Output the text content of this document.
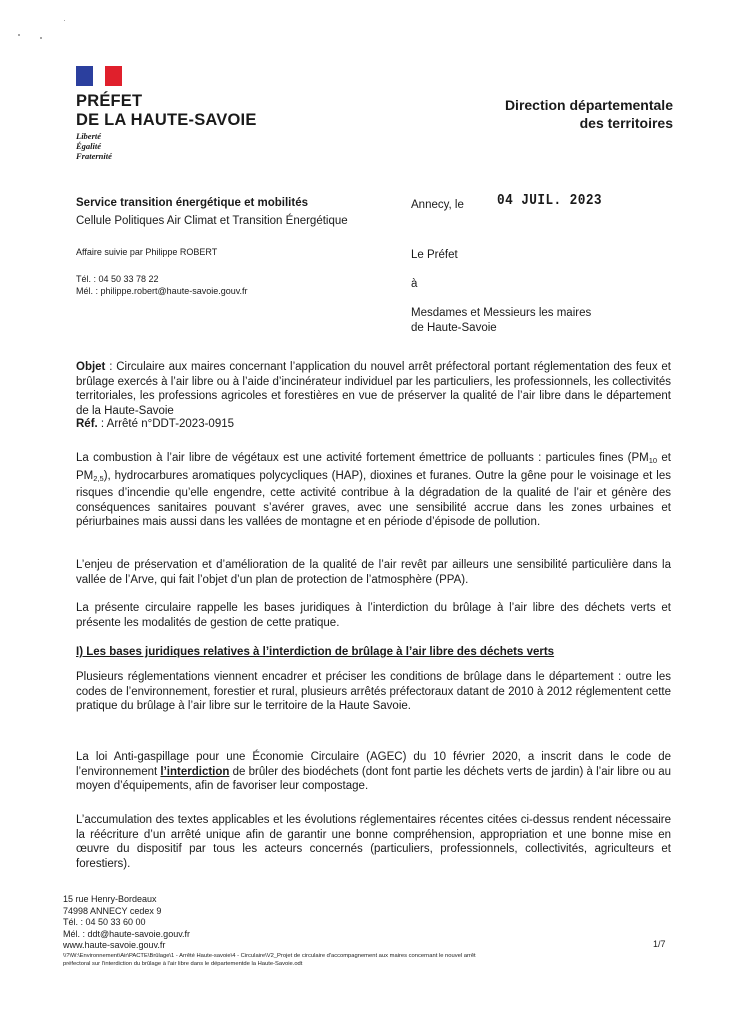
PRÉFET
DE LA HAUTE-SAVOIE
Liberté
Égalité
Fraternité
Direction départementale
des territoires
Service transition énergétique et mobilités
Cellule Politiques Air Climat et Transition Énergétique
Affaire suivie par Philippe ROBERT
Tél. : 04 50 33 78 22
Mél. : philippe.robert@haute-savoie.gouv.fr
Annecy, le 04 JUIL. 2023
Le Préfet
à
Mesdames et Messieurs les maires
de Haute-Savoie
Objet : Circulaire aux maires concernant l’application du nouvel arrêt préfectoral portant réglementation des feux et brûlage exercés à l’air libre ou à l’aide d’incinérateur individuel par les particuliers, les professionnels, les collectivités territoriales, les professions agricoles et forestières en vue de préserver la qualité de l’air libre dans le département de la Haute-Savoie
Réf. : Arrêté n°DDT-2023-0915
La combustion à l’air libre de végétaux est une activité fortement émettrice de polluants : particules fines ($PM_{10}$ et $PM_{2,5}$), hydrocarbures aromatiques polycycliques (HAP), dioxines et furanes. Outre la gêne pour le voisinage et les risques d’incendie qu’elle engendre, cette activité contribue à la dégradation de la qualité de l’air et génère des conséquences sanitaires pouvant s’avérer graves, avec une sensibilité accrue dans les zones urbaines et périurbaines mais aussi dans les vallées de montagne et en période d’épisode de pollution.
L’enjeu de préservation et d’amélioration de la qualité de l’air revêt par ailleurs une sensibilité particulière dans la vallée de l’Arve, qui fait l’objet d’un plan de protection de l’atmosphère (PPA).
La présente circulaire rappelle les bases juridiques à l’interdiction du brûlage à l’air libre des déchets verts et présente les modalités de gestion de cette pratique.
I) Les bases juridiques relatives à l’interdiction de brûlage à l’air libre des déchets verts
Plusieurs réglementations viennent encadrer et préciser les conditions de brûlage dans le département : outre les codes de l’environnement, forestier et rural, plusieurs arrêtés préfectoraux datant de 2010 à 2012 réglementent cette pratique du brûlage à l’air libre sur le territoire de la Haute Savoie.
La loi Anti-gaspillage pour une Économie Circulaire (AGEC) du 10 février 2020, a inscrit dans le code de l’environnement l’interdiction de brûler des biodéchets (dont font partie les déchets verts de jardin) à l’air libre ou au moyen d’équipements, afin de favoriser leur compostage.
L’accumulation des textes applicables et les évolutions réglementaires récentes citées ci-dessus rendent nécessaire la réécriture d’un arrêté unique afin de garantir une bonne compréhension, appropriation et une bonne mise en œuvre du dispositif par tous les acteurs concernés (particuliers, professionnels, collectivités, agriculteurs et forestiers).
15 rue Henry-Bordeaux
74998 ANNECY cedex 9
Tél. : 04 50 33 60 00
Mél. : ddt@haute-savoie.gouv.fr
www.haute-savoie.gouv.fr	1/7
\\?\W:\Environnement\Air\PACTE\Brûlage\1 - Arrêté Haute-savoie\4 - Circulaire\V2_Projet de circulaire d'accompagnement aux maires concernant le nouvel arrêt
préfectoral sur l'interdiction du brûlage à l'air libre dans le départementde la Haute-Savoie.odt
